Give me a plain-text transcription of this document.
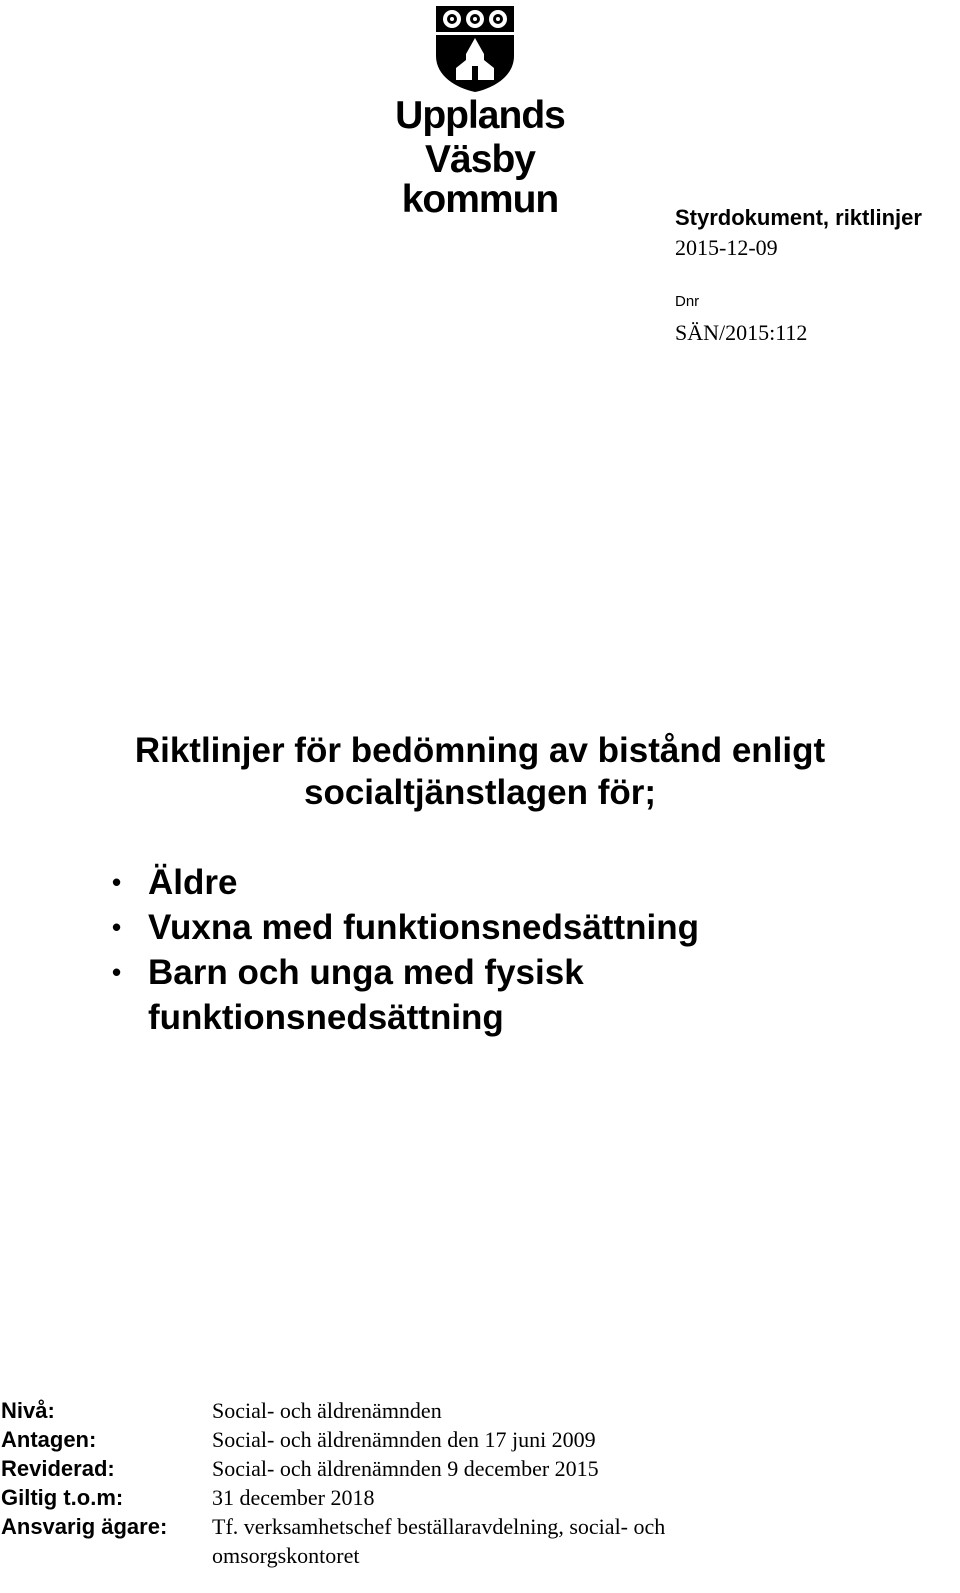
Upplands Väsby
kommun	Styrdokument, riktlinjer
2015-12-09
Dnr
SÄN/2015:112
Riktlinjer för bedömning av bistånd enligt
socialtjänstlagen för;
• Äldre
• Vuxna med funktionsnedsättning
• Barn och unga med fysisk funktionsnedsättning
Nivå:	Social- och äldrenämnden
Antagen:	Social- och äldrenämnden den 17 juni 2009
Reviderad:	Social- och äldrenämnden 9 december 2015
Giltig t.o.m:	31 december 2018
Ansvarig ägare: Tf. verksamhetschef beställaravdelning, social- och omsorgskontoret
